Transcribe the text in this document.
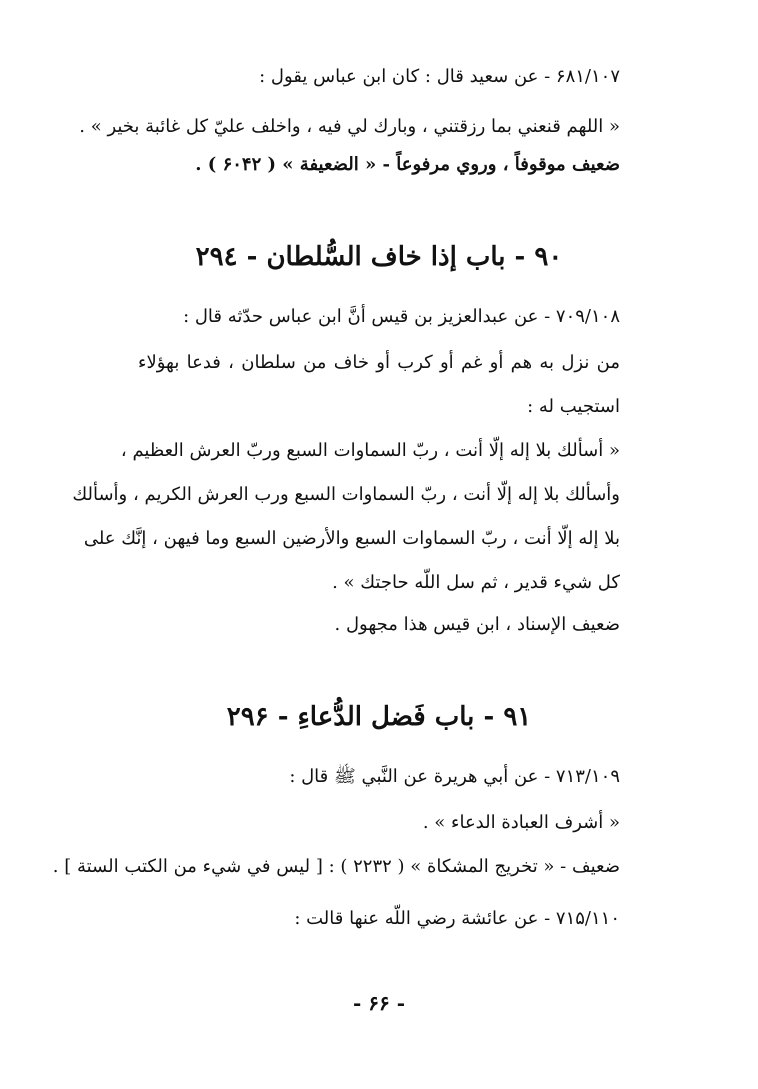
۶۸۱/۱۰۷ - عن سعيد قال : كان ابن عباس يقول :
« اللهم قنعني بما رزقتني ، وبارك لي فيه ، واخلف عليّ كل غائبة بخير » .
ضعيف موقوفاً ، وروي مرفوعاً - « الضعيفة » ( ۶۰۴۲ ) .
۹۰ - باب إذا خاف السُّلطان - ۲۹٤
۷۰۹/۱۰۸ - عن عبدالعزيز بن قيس أنَّ ابن عباس حدّثه قال :
من نزل به هم أو غم أو كرب أو خاف من سلطان ، فدعا بهؤلاء
استجيب له :
« أسألك بلا إله إلّا أنت ، ربّ السماوات السبع وربّ العرش العظيم ،
وأسألك بلا إله إلّا أنت ، ربّ السماوات السبع ورب العرش الكريم ، وأسألك
بلا إله إلّا أنت ، ربّ السماوات السبع والأرضين السبع وما فيهن ، إنَّك على
كل شيء قدير ، ثم سل اللّه حاجتك » .
ضعيف الإسناد ، ابن قيس هذا مجهول .
۹۱ - باب فَضل الدُّعاءِ - ۲۹۶
۷۱۳/۱۰۹ - عن أبي هريرة عن النَّبي ﷺ قال :
« أشرف العبادة الدعاء » .
ضعيف - « تخريج المشكاة » ( ۲۲۳۲ ) : [ ليس في شيء من الكتب الستة ] .
۷۱۵/۱۱۰ - عن عائشة رضي اللّه عنها قالت :
- ۶۶ -
